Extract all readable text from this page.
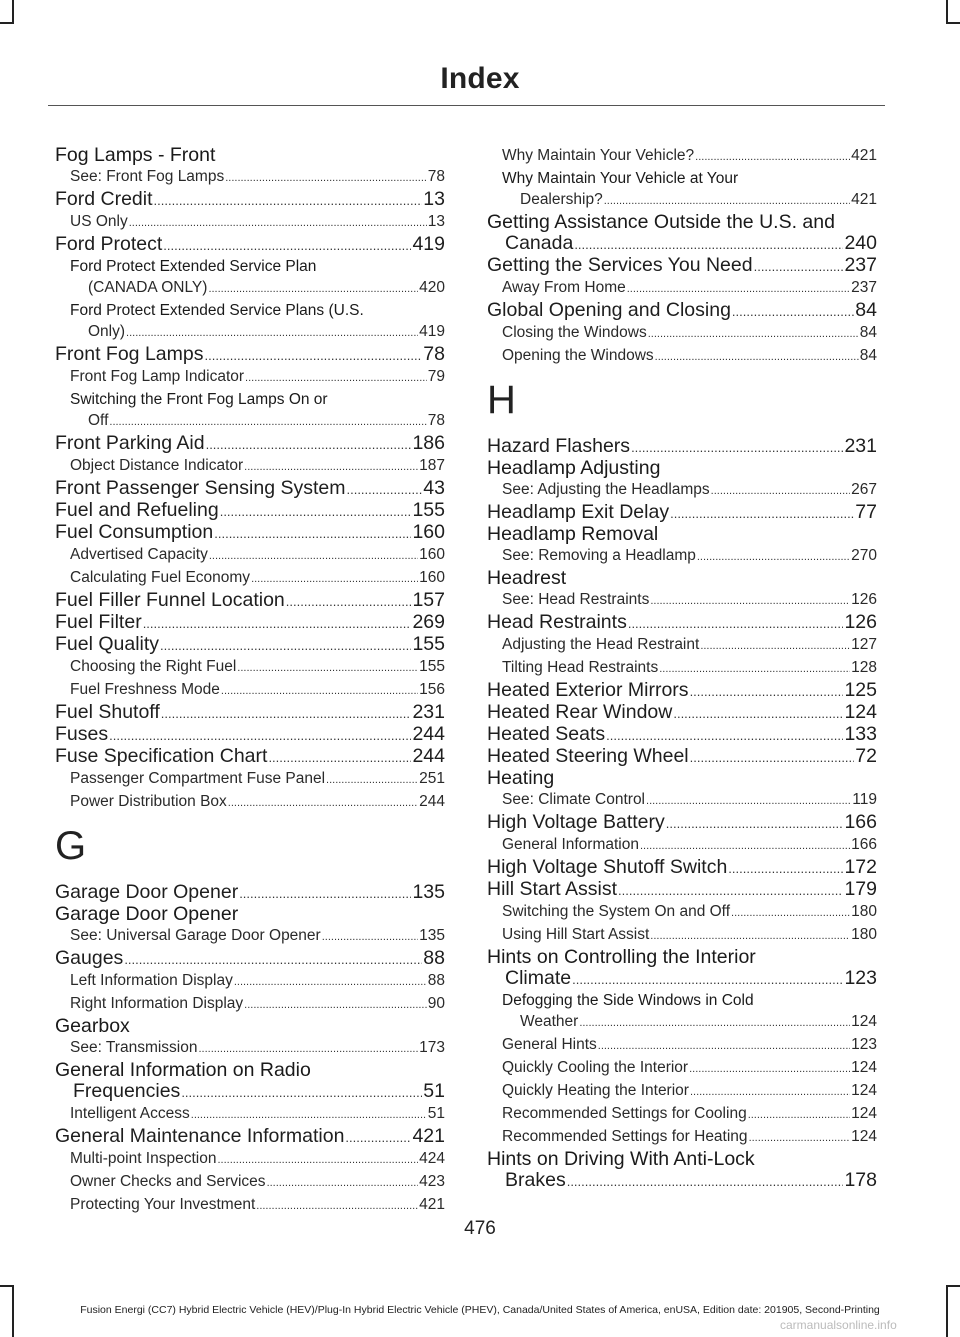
Index
Fog Lamps - Front
See: Front Fog Lamps .....	78
Ford Credit .....	13
US Only .....	13
Ford Protect .....	419
Ford Protect Extended Service Plan
(CANADA ONLY) .....	420
Ford Protect Extended Service Plans (U.S.
Only) .....	419
Front Fog Lamps .....	78
Front Fog Lamp Indicator .....	79
Switching the Front Fog Lamps On or
Off .....	78
Front Parking Aid .....	186
Object Distance Indicator .....	187
Front Passenger Sensing System .....	43
Fuel and Refueling .....	155
Fuel Consumption .....	160
Advertised Capacity .....	160
Calculating Fuel Economy .....	160
Fuel Filler Funnel Location .....	157
Fuel Filter .....	269
Fuel Quality .....	155
Choosing the Right Fuel .....	155
Fuel Freshness Mode .....	156
Fuel Shutoff .....	231
Fuses .....	244
Fuse Specification Chart .....	244
Passenger Compartment Fuse Panel .....	251
Power Distribution Box .....	244
G
Garage Door Opener .....	135
Garage Door Opener
See: Universal Garage Door Opener .....	135
Gauges .....	88
Left Information Display .....	88
Right Information Display .....	90
Gearbox
See: Transmission .....	173
General Information on Radio
Frequencies .....	51
Intelligent Access .....	51
General Maintenance Information .....	421
Multi-point Inspection .....	424
Owner Checks and Services .....	423
Protecting Your Investment .....	421
Why Maintain Your Vehicle? .....	421
Why Maintain Your Vehicle at Your
Dealership? .....	421
Getting Assistance Outside the U.S. and
Canada .....	240
Getting the Services You Need .....	237
Away From Home .....	237
Global Opening and Closing .....	84
Closing the Windows .....	84
Opening the Windows .....	84
H
Hazard Flashers .....	231
Headlamp Adjusting
See: Adjusting the Headlamps .....	267
Headlamp Exit Delay .....	77
Headlamp Removal
See: Removing a Headlamp .....	270
Headrest
See: Head Restraints .....	126
Head Restraints .....	126
Adjusting the Head Restraint .....	127
Tilting Head Restraints .....	128
Heated Exterior Mirrors .....	125
Heated Rear Window .....	124
Heated Seats .....	133
Heated Steering Wheel .....	72
Heating
See: Climate Control .....	119
High Voltage Battery .....	166
General Information .....	166
High Voltage Shutoff Switch .....	172
Hill Start Assist .....	179
Switching the System On and Off .....	180
Using Hill Start Assist .....	180
Hints on Controlling the Interior
Climate .....	123
Defogging the Side Windows in Cold
Weather .....	124
General Hints .....	123
Quickly Cooling the Interior .....	124
Quickly Heating the Interior .....	124
Recommended Settings for Cooling .....	124
Recommended Settings for Heating .....	124
Hints on Driving With Anti-Lock
Brakes .....	178
476
Fusion Energi (CC7) Hybrid Electric Vehicle (HEV)/Plug-In Hybrid Electric Vehicle (PHEV), Canada/United States of America, enUSA, Edition date: 201905, Second-Printing
carmanualsonline.info
